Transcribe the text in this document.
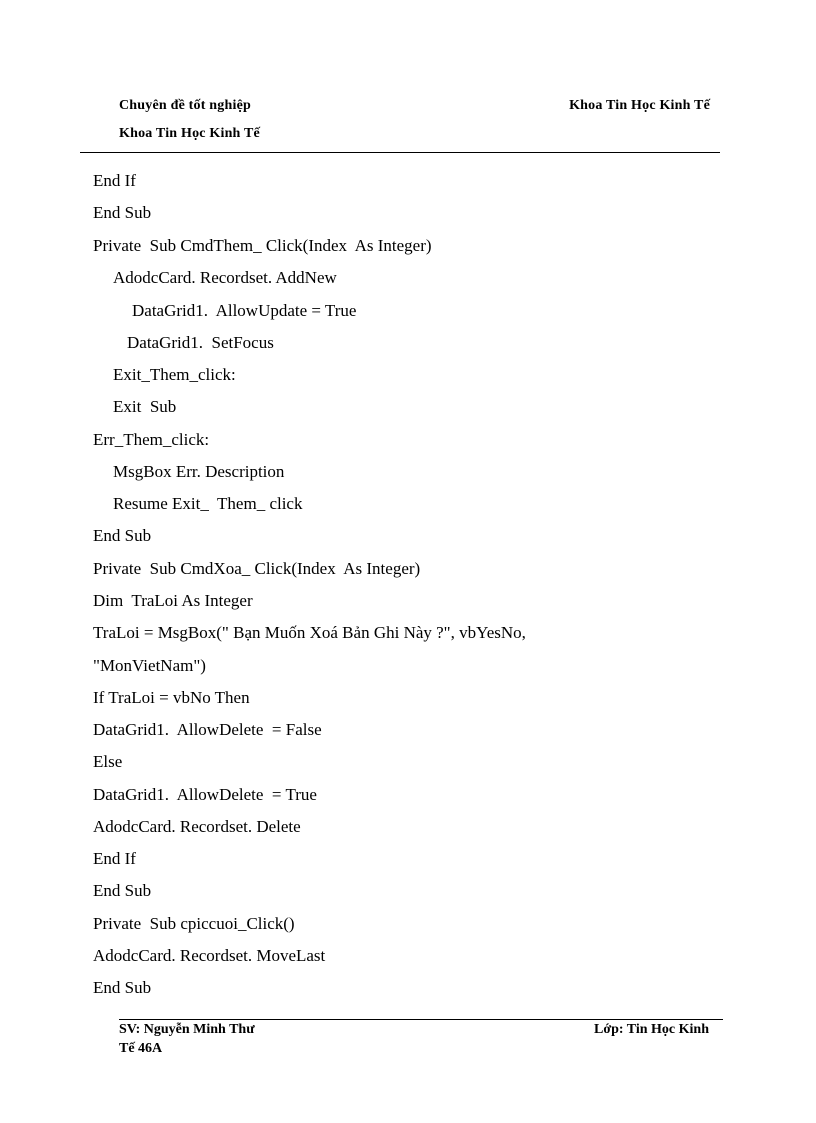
Chuyên đề tốt nghiệp	Khoa Tin Học Kinh Tế
Khoa Tin Học Kinh Tế
End If
End Sub
Private  Sub CmdThem_ Click(Index  As Integer)
AdodcCard. Recordset. AddNew
DataGrid1.  AllowUpdate = True
DataGrid1.  SetFocus
Exit_Them_click:
Exit  Sub
Err_Them_click:
MsgBox Err. Description
Resume Exit_  Them_ click
End Sub
Private  Sub CmdXoa_ Click(Index  As Integer)
Dim  TraLoi As Integer
TraLoi = MsgBox(" Bạn Muốn Xoá Bản Ghi Này ?", vbYesNo,
"MonVietNam")
If TraLoi = vbNo Then
DataGrid1.  AllowDelete  = False
Else
DataGrid1.  AllowDelete  = True
AdodcCard. Recordset. Delete
End If
End Sub
Private  Sub cpiccuoi_Click()
AdodcCard. Recordset. MoveLast
End Sub
SV: Nguyễn Minh Thư	Lớp: Tin Học Kinh
Tế 46A
